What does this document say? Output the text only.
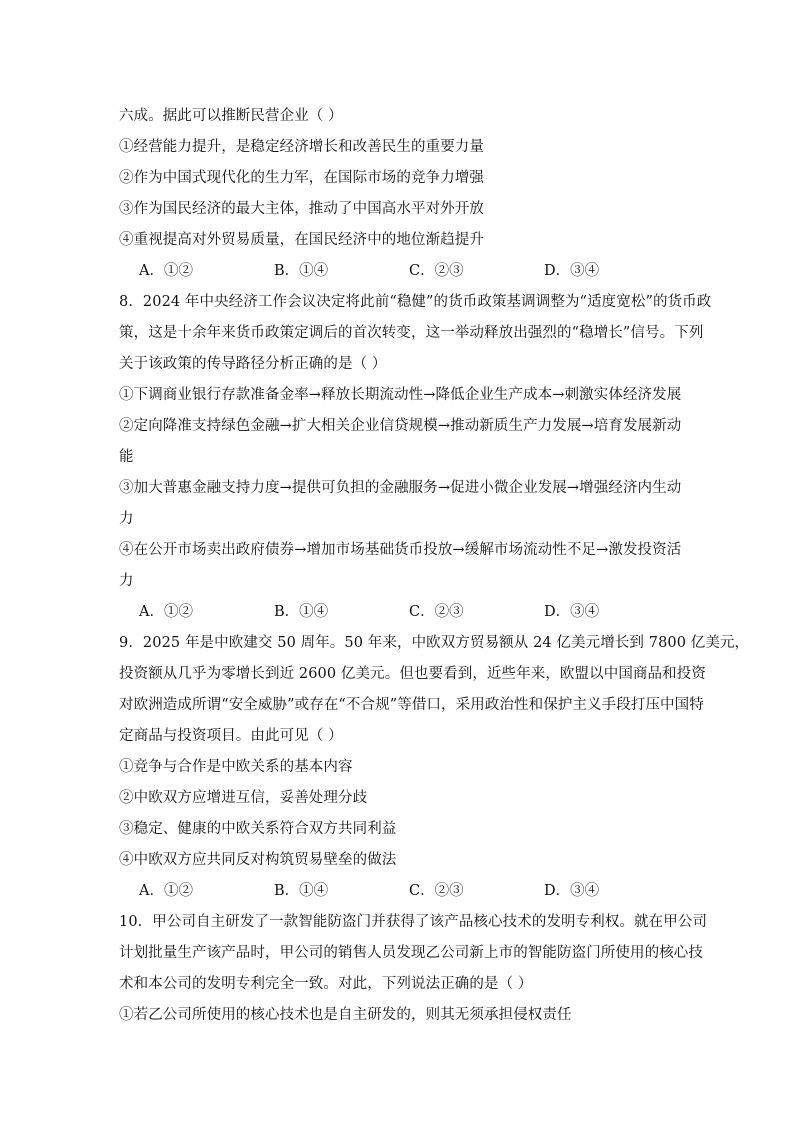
六成。据此可以推断民营企业（ ）
①经营能力提升，是稳定经济增长和改善民生的重要力量
②作为中国式现代化的生力军，在国际市场的竞争力增强
③作为国民经济的最大主体，推动了中国高水平对外开放
④重视提高对外贸易质量，在国民经济中的地位渐趋提升
A．①②	B．①④	C．②③	D．③④
8．2024 年中央经济工作会议决定将此前“稳健”的货币政策基调调整为“适度宽松”的货币政
策，这是十余年来货币政策定调后的首次转变，这一举动释放出强烈的“稳增长”信号。下列
关于该政策的传导路径分析正确的是（ ）
①下调商业银行存款准备金率→释放长期流动性→降低企业生产成本→刺激实体经济发展
②定向降准支持绿色金融→扩大相关企业信贷规模→推动新质生产力发展→培育发展新动
能
③加大普惠金融支持力度→提供可负担的金融服务→促进小微企业发展→增强经济内生动
力
④在公开市场卖出政府债券→增加市场基础货币投放→缓解市场流动性不足→激发投资活
力
A．①②	B．①④	C．②③	D．③④
9．2025 年是中欧建交 50 周年。50 年来，中欧双方贸易额从 24 亿美元增长到 7800 亿美元，
投资额从几乎为零增长到近 2600 亿美元。但也要看到，近些年来，欧盟以中国商品和投资
对欧洲造成所谓“安全威胁”或存在“不合规”等借口，采用政治性和保护主义手段打压中国特
定商品与投资项目。由此可见（ ）
①竞争与合作是中欧关系的基本内容
②中欧双方应增进互信，妥善处理分歧
③稳定、健康的中欧关系符合双方共同利益
④中欧双方应共同反对构筑贸易壁垒的做法
A．①②	B．①④	C．②③	D．③④
10．甲公司自主研发了一款智能防盗门并获得了该产品核心技术的发明专利权。就在甲公司
计划批量生产该产品时，甲公司的销售人员发现乙公司新上市的智能防盗门所使用的核心技
术和本公司的发明专利完全一致。对此，下列说法正确的是（ ）
①若乙公司所使用的核心技术也是自主研发的，则其无须承担侵权责任
